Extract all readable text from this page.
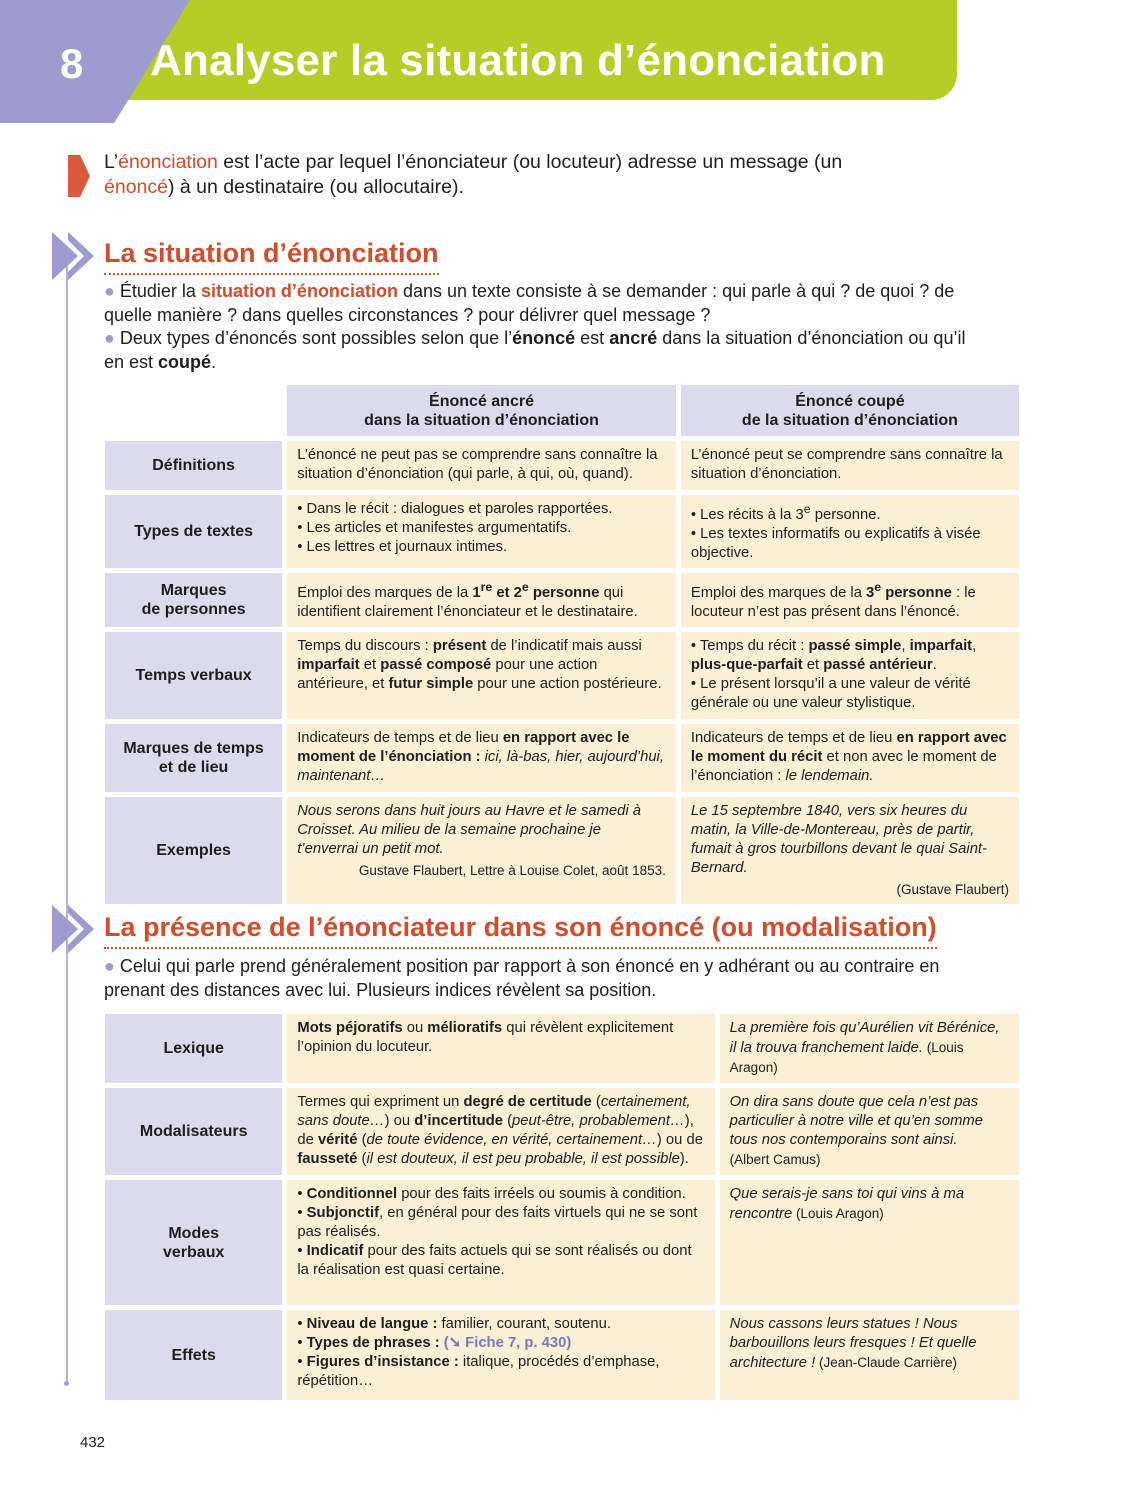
8 Analyser la situation d’énonciation
L’énonciation est l’acte par lequel l’énonciateur (ou locuteur) adresse un message (un énoncé) à un destinataire (ou allocutaire).
La situation d’énonciation
● Étudier la situation d’énonciation dans un texte consiste à se demander : qui parle à qui ? de quoi ? de quelle manière ? dans quelles circonstances ? pour délivrer quel message ?
● Deux types d’énoncés sont possibles selon que l’énoncé est ancré dans la situation d’énonciation ou qu’il en est coupé.
	Énoncé ancré
dans la situation d’énonciation	Énoncé coupé
de la situation d’énonciation
Définitions	L’énoncé ne peut pas se comprendre sans connaître la situation d’énonciation (qui parle, à qui, où, quand).	L’énoncé peut se comprendre sans connaître la situation d’énonciation.
Types de textes	• Dans le récit : dialogues et paroles rapportées.
• Les articles et manifestes argumentatifs.
• Les lettres et journaux intimes.	• Les récits à la 3e personne.
• Les textes informatifs ou explicatifs à visée objective.
Marques
de personnes	Emploi des marques de la 1re et 2e personne qui identifient clairement l’énonciateur et le destinataire.	Emploi des marques de la 3e personne : le locuteur n’est pas présent dans l’énoncé.
Temps verbaux	Temps du discours : présent de l’indicatif mais aussi imparfait et passé composé pour une action antérieure, et futur simple pour une action postérieure.	• Temps du récit : passé simple, imparfait, plus-que-parfait et passé antérieur.
• Le présent lorsqu’il a une valeur de vérité générale ou une valeur stylistique.
Marques de temps
et de lieu	Indicateurs de temps et de lieu en rapport avec le moment de l’énonciation : ici, là-bas, hier, aujourd’hui, maintenant…	Indicateurs de temps et de lieu en rapport avec le moment du récit et non avec le moment de l’énonciation : le lendemain.
Exemples	Nous serons dans huit jours au Havre et le samedi à Croisset. Au milieu de la semaine prochaine je t’enverrai un petit mot.
Gustave Flaubert, Lettre à Louise Colet, août 1853.	Le 15 septembre 1840, vers six heures du matin, la Ville-de-Montereau, près de partir, fumait à gros tourbillons devant le quai Saint-Bernard.
(Gustave Flaubert)
La présence de l’énonciateur dans son énoncé (ou modalisation)
● Celui qui parle prend généralement position par rapport à son énoncé en y adhérant ou au contraire en prenant des distances avec lui. Plusieurs indices révèlent sa position.
Lexique	Mots péjoratifs ou mélioratifs qui révèlent explicitement l’opinion du locuteur.	La première fois qu’Aurélien vit Bérénice, il la trouva franchement laide. (Louis Aragon)
Modalisateurs	Termes qui expriment un degré de certitude (certainement, sans doute…) ou d’incertitude (peut-être, probablement…), de vérité (de toute évidence, en vérité, certainement…) ou de fausseté (il est douteux, il est peu probable, il est possible).	On dira sans doute que cela n’est pas particulier à notre ville et qu’en somme tous nos contemporains sont ainsi.
(Albert Camus)
Modes
verbaux	• Conditionnel pour des faits irréels ou soumis à condition.
• Subjonctif, en général pour des faits virtuels qui ne se sont pas réalisés.
• Indicatif pour des faits actuels qui se sont réalisés ou dont la réalisation est quasi certaine.	Que serais-je sans toi qui vins à ma rencontre (Louis Aragon)
Effets	• Niveau de langue : familier, courant, soutenu.
• Types de phrases : (➘ Fiche 7, p. 430)
• Figures d’insistance : italique, procédés d’emphase, répétition…	Nous cassons leurs statues ! Nous barbouillons leurs fresques ! Et quelle architecture ! (Jean-Claude Carrière)
432
